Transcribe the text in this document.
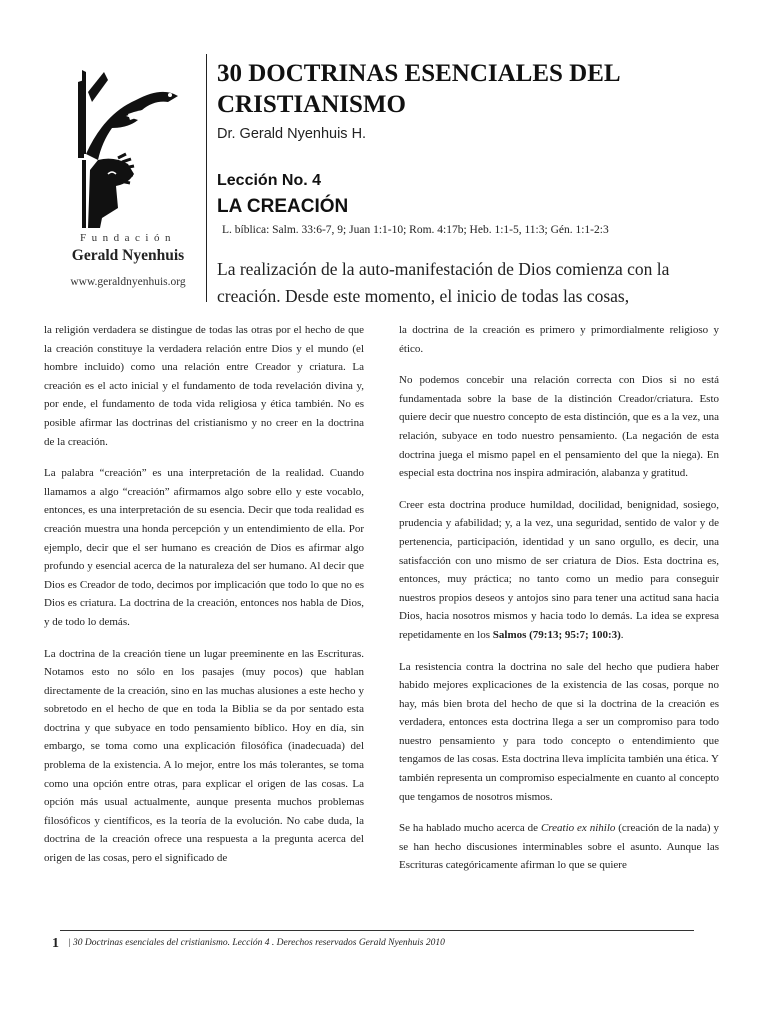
Fundación
Gerald Nyenhuis
www.geraldnyenhuis.org
30 DOCTRINAS ESENCIALES DEL
CRISTIANISMO
Dr. Gerald Nyenhuis H.
Lección No. 4
LA CREACIÓN
L. bíblica: Salm. 33:6-7, 9; Juan 1:1-10; Rom. 4:17b; Heb. 1:1-5, 11:3; Gén. 1:1-2:3
La realización de la auto-manifestación de Dios comienza con la creación. Desde este momento, el inicio de todas las cosas,

la religión verdadera se distingue de todas las otras por el hecho de que la creación constituye la verdadera relación entre Dios y el mundo (el hombre incluido) como una relación entre Creador y criatura. La creación es el acto inicial y el fundamento de toda revelación divina y, por ende, el fundamento de toda vida religiosa y ética también. No es posible afirmar las doctrinas del cristianismo y no creer en la doctrina de la creación.

La palabra “creación” es una interpretación de la realidad. Cuando llamamos a algo “creación” afirmamos algo sobre ello y este vocablo, entonces, es una interpretación de su esencia. Decir que toda realidad es creación muestra una honda percepción y un entendimiento de ella. Por ejemplo, decir que el ser humano es creación de Dios es afirmar algo profundo y esencial acerca de la naturaleza del ser humano. Al decir que Dios es Creador de todo, decimos por implicación que todo lo que no es Dios es criatura. La doctrina de la creación, entonces nos habla de Dios, y de todo lo demás.

La doctrina de la creación tiene un lugar preeminente en las Escrituras. Notamos esto no sólo en los pasajes (muy pocos) que hablan directamente de la creación, sino en las muchas alusiones a este hecho y sobretodo en el hecho de que en toda la Biblia se da por sentado esta doctrina y que subyace en todo pensamiento bíblico. Hoy en día, sin embargo, se toma como una explicación filosófica (inadecuada) del problema de la existencia. A lo mejor, entre los más tolerantes, se toma como una opción entre otras, para explicar el origen de las cosas. La opción más usual actualmente, aunque presenta muchos problemas filosóficos y científicos, es la teoría de la evolución. No cabe duda, la doctrina de la creación ofrece una respuesta a la pregunta acerca del origen de las cosas, pero el significado de

la doctrina de la creación es primero y primordialmente religioso y ético.

No podemos concebir una relación correcta con Dios si no está fundamentada sobre la base de la distinción Creador/criatura. Esto quiere decir que nuestro concepto de esta distinción, que es a la vez, una relación, subyace en todo nuestro pensamiento. (La negación de esta doctrina juega el mismo papel en el pensamiento del que la niega). En especial esta doctrina nos inspira admiración, alabanza y gratitud.

Creer esta doctrina produce humildad, docilidad, benignidad, sosiego, prudencia y afabilidad; y, a la vez, una seguridad, sentido de valor y de pertenencia, participación, identidad y un sano orgullo, es decir, una satisfacción con uno mismo de ser criatura de Dios. Esta doctrina es, entonces, muy práctica; no tanto como un medio para conseguir nuestros propios deseos y antojos sino para tener una actitud sana hacia Dios, hacia nosotros mismos y hacia todo lo demás. La idea se expresa repetidamente en los Salmos (79:13; 95:7; 100:3).

La resistencia contra la doctrina no sale del hecho que pudiera haber habido mejores explicaciones de la existencia de las cosas, porque no hay, más bien brota del hecho de que si la doctrina de la creación es verdadera, entonces esta doctrina llega a ser un compromiso para todo nuestro pensamiento y para todo concepto o entendimiento que tengamos de las cosas. Esta doctrina lleva implícita también una ética. Y también representa un compromiso especialmente en cuanto al concepto que tengamos de nosotros mismos.

Se ha hablado mucho acerca de Creatio ex nihilo (creación de la nada) y se han hecho discusiones interminables sobre el asunto. Aunque las Escrituras categóricamente afirman lo que se quiere

1 | 30 Doctrinas esenciales del cristianismo. Lección 4 . Derechos reservados Gerald Nyenhuis 2010
